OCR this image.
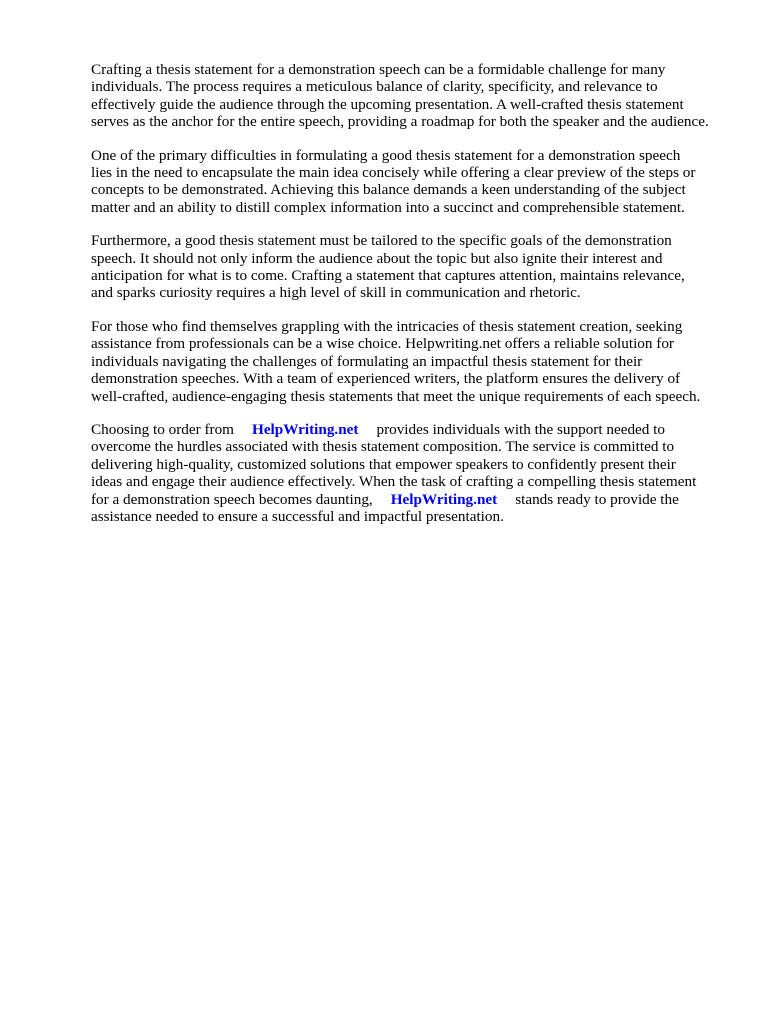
Crafting a thesis statement for a demonstration speech can be a formidable challenge for many
individuals. The process requires a meticulous balance of clarity, specificity, and relevance to
effectively guide the audience through the upcoming presentation. A well-crafted thesis statement
serves as the anchor for the entire speech, providing a roadmap for both the speaker and the audience.

One of the primary difficulties in formulating a good thesis statement for a demonstration speech
lies in the need to encapsulate the main idea concisely while offering a clear preview of the steps or
concepts to be demonstrated. Achieving this balance demands a keen understanding of the subject
matter and an ability to distill complex information into a succinct and comprehensible statement.

Furthermore, a good thesis statement must be tailored to the specific goals of the demonstration
speech. It should not only inform the audience about the topic but also ignite their interest and
anticipation for what is to come. Crafting a statement that captures attention, maintains relevance,
and sparks curiosity requires a high level of skill in communication and rhetoric.

For those who find themselves grappling with the intricacies of thesis statement creation, seeking
assistance from professionals can be a wise choice. Helpwriting.net offers a reliable solution for
individuals navigating the challenges of formulating an impactful thesis statement for their
demonstration speeches. With a team of experienced writers, the platform ensures the delivery of
well-crafted, audience-engaging thesis statements that meet the unique requirements of each speech.

Choosing to order from HelpWriting.net provides individuals with the support needed to
overcome the hurdles associated with thesis statement composition. The service is committed to
delivering high-quality, customized solutions that empower speakers to confidently present their
ideas and engage their audience effectively. When the task of crafting a compelling thesis statement
for a demonstration speech becomes daunting, HelpWriting.net stands ready to provide the
assistance needed to ensure a successful and impactful presentation.
